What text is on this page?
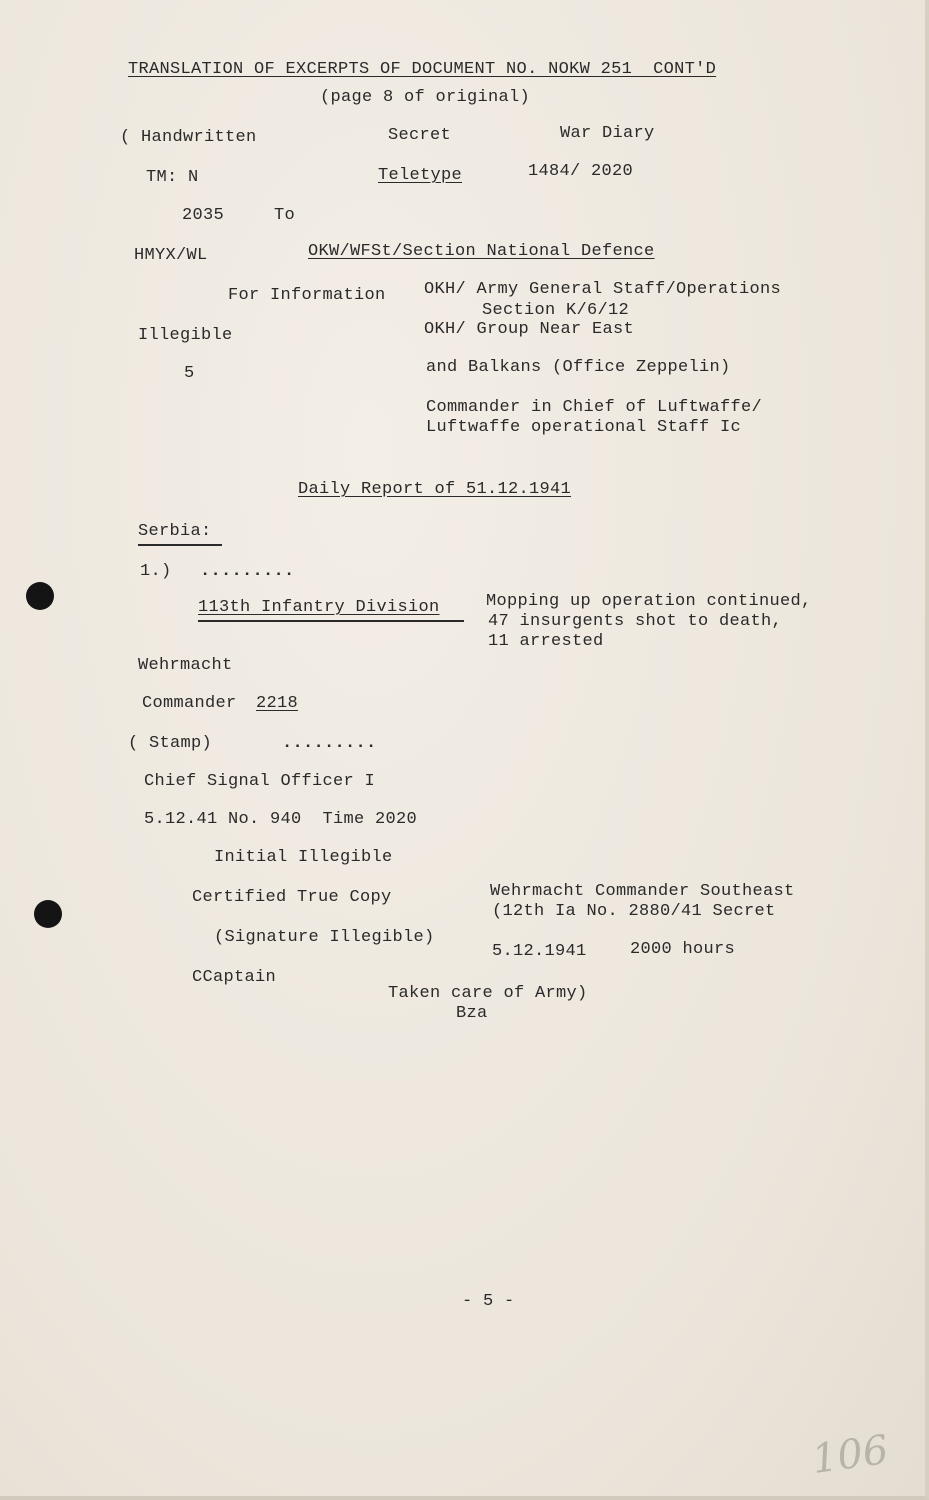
TRANSLATION OF EXCERPTS OF DOCUMENT NO. NOKW 251  CONT'D
(page 8 of original)
( Handwritten	Secret	War Diary
TM: N	Teletype	1484/ 2020
2035	To
HMYX/WL	OKW/WFSt/Section National Defence
For Information OKH/ Army General Staff/Operations
Section K/6/12
Illegible	OKH/ Group Near East
5	and Balkans (Office Zeppelin)
Commander in Chief of Luftwaffe/
Luftwaffe operational Staff Ic
Daily Report of 51.12.1941
Serbia:
1.) .........
113th Infantry Division	Mopping up operation continued,
47 insurgents shot to death,
11 arrested
Wehrmacht
Commander 2218
( Stamp)	.........
Chief Signal Officer I
5.12.41 No. 940  Time 2020
Initial Illegible
Certified True Copy
(Signature Illegible)
CCaptain
Wehrmacht Commander Southeast
(12th Ia No. 2880/41 Secret
5.12.1941	2000 hours
Taken care of Army)
Bza
- 5 -
106
